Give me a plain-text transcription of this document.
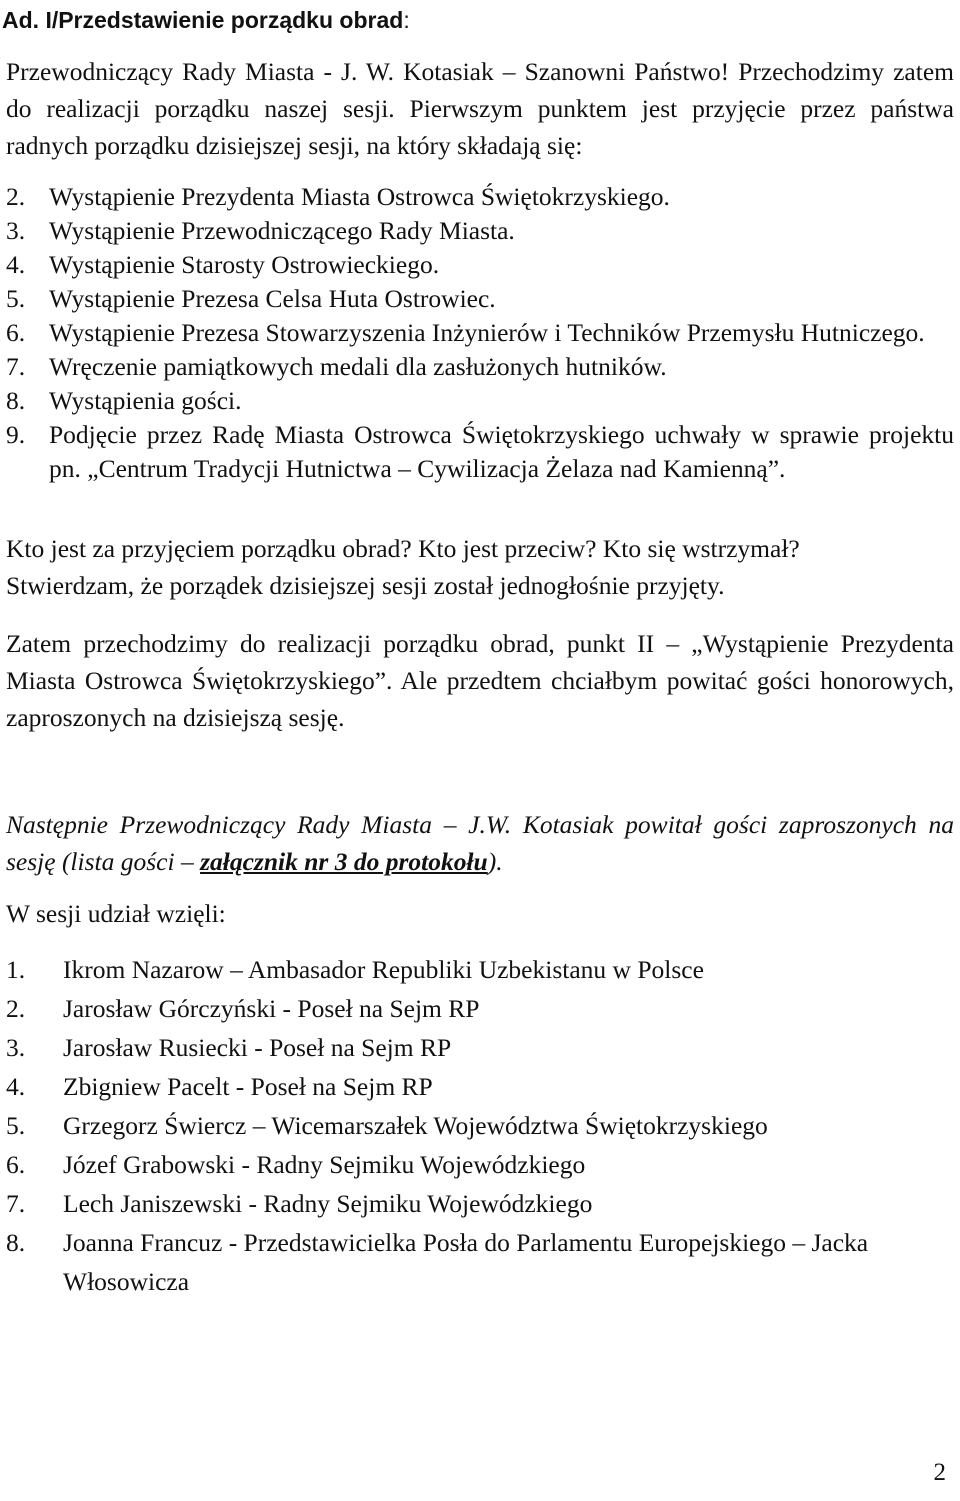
Ad. I/Przedstawienie porządku obrad:

Przewodniczący Rady Miasta - J. W. Kotasiak – Szanowni Państwo! Przechodzimy zatem do realizacji porządku naszej sesji. Pierwszym punktem jest przyjęcie przez państwa radnych porządku dzisiejszej sesji, na który składają się:

2. Wystąpienie Prezydenta Miasta Ostrowca Świętokrzyskiego.
3. Wystąpienie Przewodniczącego Rady Miasta.
4. Wystąpienie Starosty Ostrowieckiego.
5. Wystąpienie Prezesa Celsa Huta Ostrowiec.
6. Wystąpienie Prezesa Stowarzyszenia Inżynierów i Techników Przemysłu Hutniczego.
7. Wręczenie pamiątkowych medali dla zasłużonych hutników.
8. Wystąpienia gości.
9. Podjęcie przez Radę Miasta Ostrowca Świętokrzyskiego uchwały w sprawie projektu pn. „Centrum Tradycji Hutnictwa – Cywilizacja Żelaza nad Kamienną”.

Kto jest za przyjęciem porządku obrad? Kto jest przeciw? Kto się wstrzymał?

Stwierdzam, że porządek dzisiejszej sesji został jednogłośnie przyjęty.

Zatem przechodzimy do realizacji porządku obrad, punkt II – „Wystąpienie Prezydenta Miasta Ostrowca Świętokrzyskiego”. Ale przedtem chciałbym powitać gości honorowych, zaproszonych na dzisiejszą sesję.

Następnie Przewodniczący Rady Miasta – J.W. Kotasiak powitał gości zaproszonych na sesję (lista gości – załącznik nr 3 do protokołu).

W sesji udział wzięli:

1. Ikrom Nazarow – Ambasador Republiki Uzbekistanu w Polsce
2. Jarosław Górczyński - Poseł na Sejm RP
3. Jarosław Rusiecki - Poseł na Sejm RP
4. Zbigniew Pacelt - Poseł na Sejm RP
5. Grzegorz Świercz – Wicemarszałek Województwa Świętokrzyskiego
6. Józef Grabowski - Radny Sejmiku Wojewódzkiego
7. Lech Janiszewski - Radny Sejmiku Wojewódzkiego
8. Joanna Francuz - Przedstawicielka Posła do Parlamentu Europejskiego – Jacka Włosowicza
2
